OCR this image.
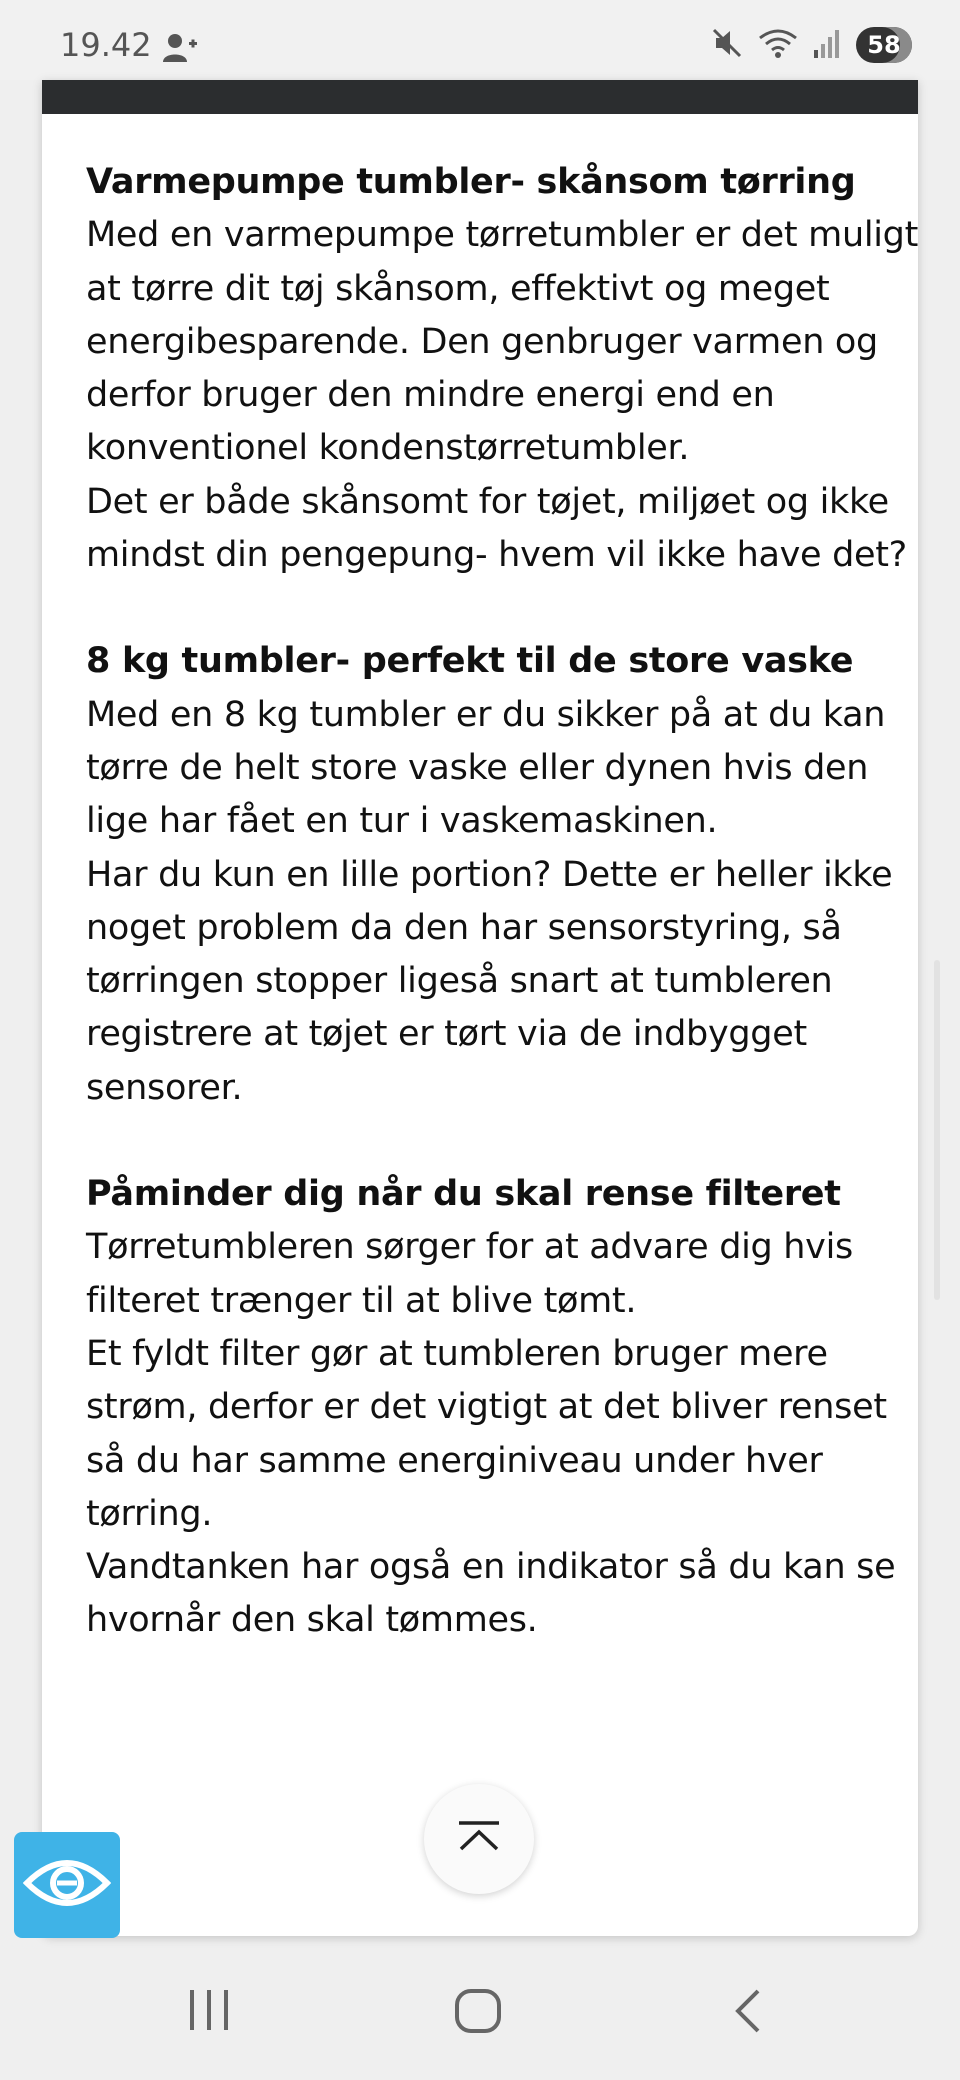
19.42	58

Varmepumpe tumbler- skånsom tørring

Med en varmepumpe tørretumbler er det muligt at tørre dit tøj skånsom, effektivt og meget energibesparende. Den genbruger varmen og derfor bruger den mindre energi end en konventionel kondenstørretumbler.

Det er både skånsomt for tøjet, miljøet og ikke mindst din pengepung- hvem vil ikke have det?

8 kg tumbler- perfekt til de store vaske

Med en 8 kg tumbler er du sikker på at du kan tørre de helt store vaske eller dynen hvis den lige har fået en tur i vaskemaskinen.

Har du kun en lille portion? Dette er heller ikke noget problem da den har sensorstyring, så tørringen stopper ligeså snart at tumbleren registrere at tøjet er tørt via de indbygget sensorer.

Påminder dig når du skal rense filteret

Tørretumbleren sørger for at advare dig hvis filteret trænger til at blive tømt.

Et fyldt filter gør at tumbleren bruger mere strøm, derfor er det vigtigt at det bliver renset så du har samme energiniveau under hver tørring.

Vandtanken har også en indikator så du kan se hvornår den skal tømmes.
